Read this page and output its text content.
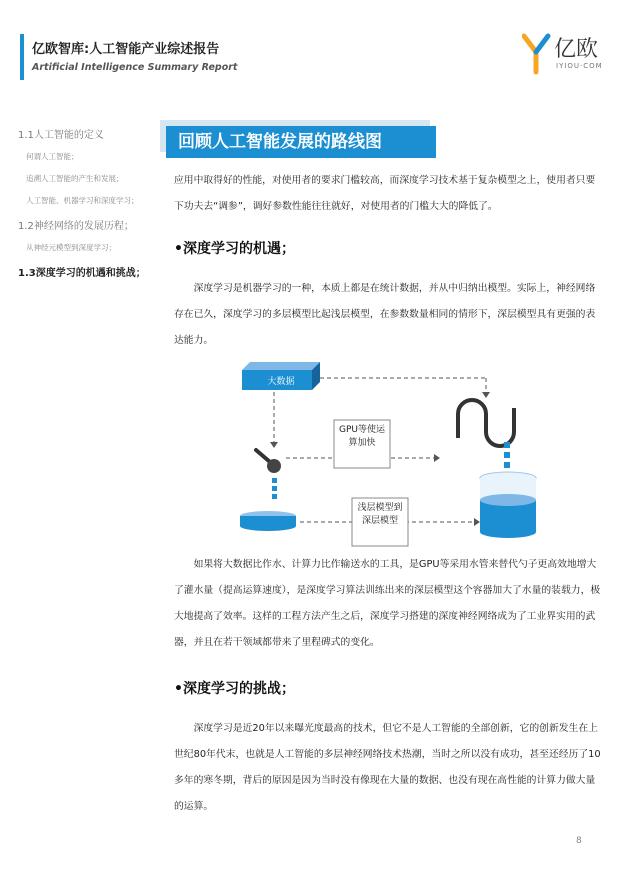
亿欧智库:人工智能产业综述报告
Artificial Intelligence Summary Report
亿欧
IYIOU·COM
1.1人工智能的定义
何谓人工智能；
追溯人工智能的产生和发展；
人工智能、机器学习和深度学习；
1.2神经网络的发展历程；
从神经元模型到深度学习；
1.3深度学习的机遇和挑战；
回顾人工智能发展的路线图
应用中取得好的性能，对使用者的要求门槛较高，而深度学习技术基于复杂模型之上，使用者只要下功夫去“调参”，调好参数性能往往就好，对使用者的门槛大大的降低了。
•深度学习的机遇；
深度学习是机器学习的一种，本质上都是在统计数据，并从中归纳出模型。实际上，神经网络存在已久，深度学习的多层模型比起浅层模型，在参数数量相同的情形下，深层模型具有更强的表达能力。
大数据
GPU等使运算加快
浅层模型到深层模型
如果将大数据比作水、计算力比作输送水的工具，是GPU等采用水管来替代勺子更高效地增大了灌水量（提高运算速度），是深度学习算法训练出来的深层模型这个容器加大了水量的装载力，极大地提高了效率。这样的工程方法产生之后，深度学习搭建的深度神经网络成为了工业界实用的武器，并且在若干领域都带来了里程碑式的变化。
•深度学习的挑战；
深度学习是近20年以来曝光度最高的技术，但它不是人工智能的全部创新，它的创新发生在上世纪80年代末，也就是人工智能的多层神经网络技术热潮，当时之所以没有成功，甚至还经历了10多年的寒冬期，背后的原因是因为当时没有像现在大量的数据、也没有现在高性能的计算力做大量的运算。
8
